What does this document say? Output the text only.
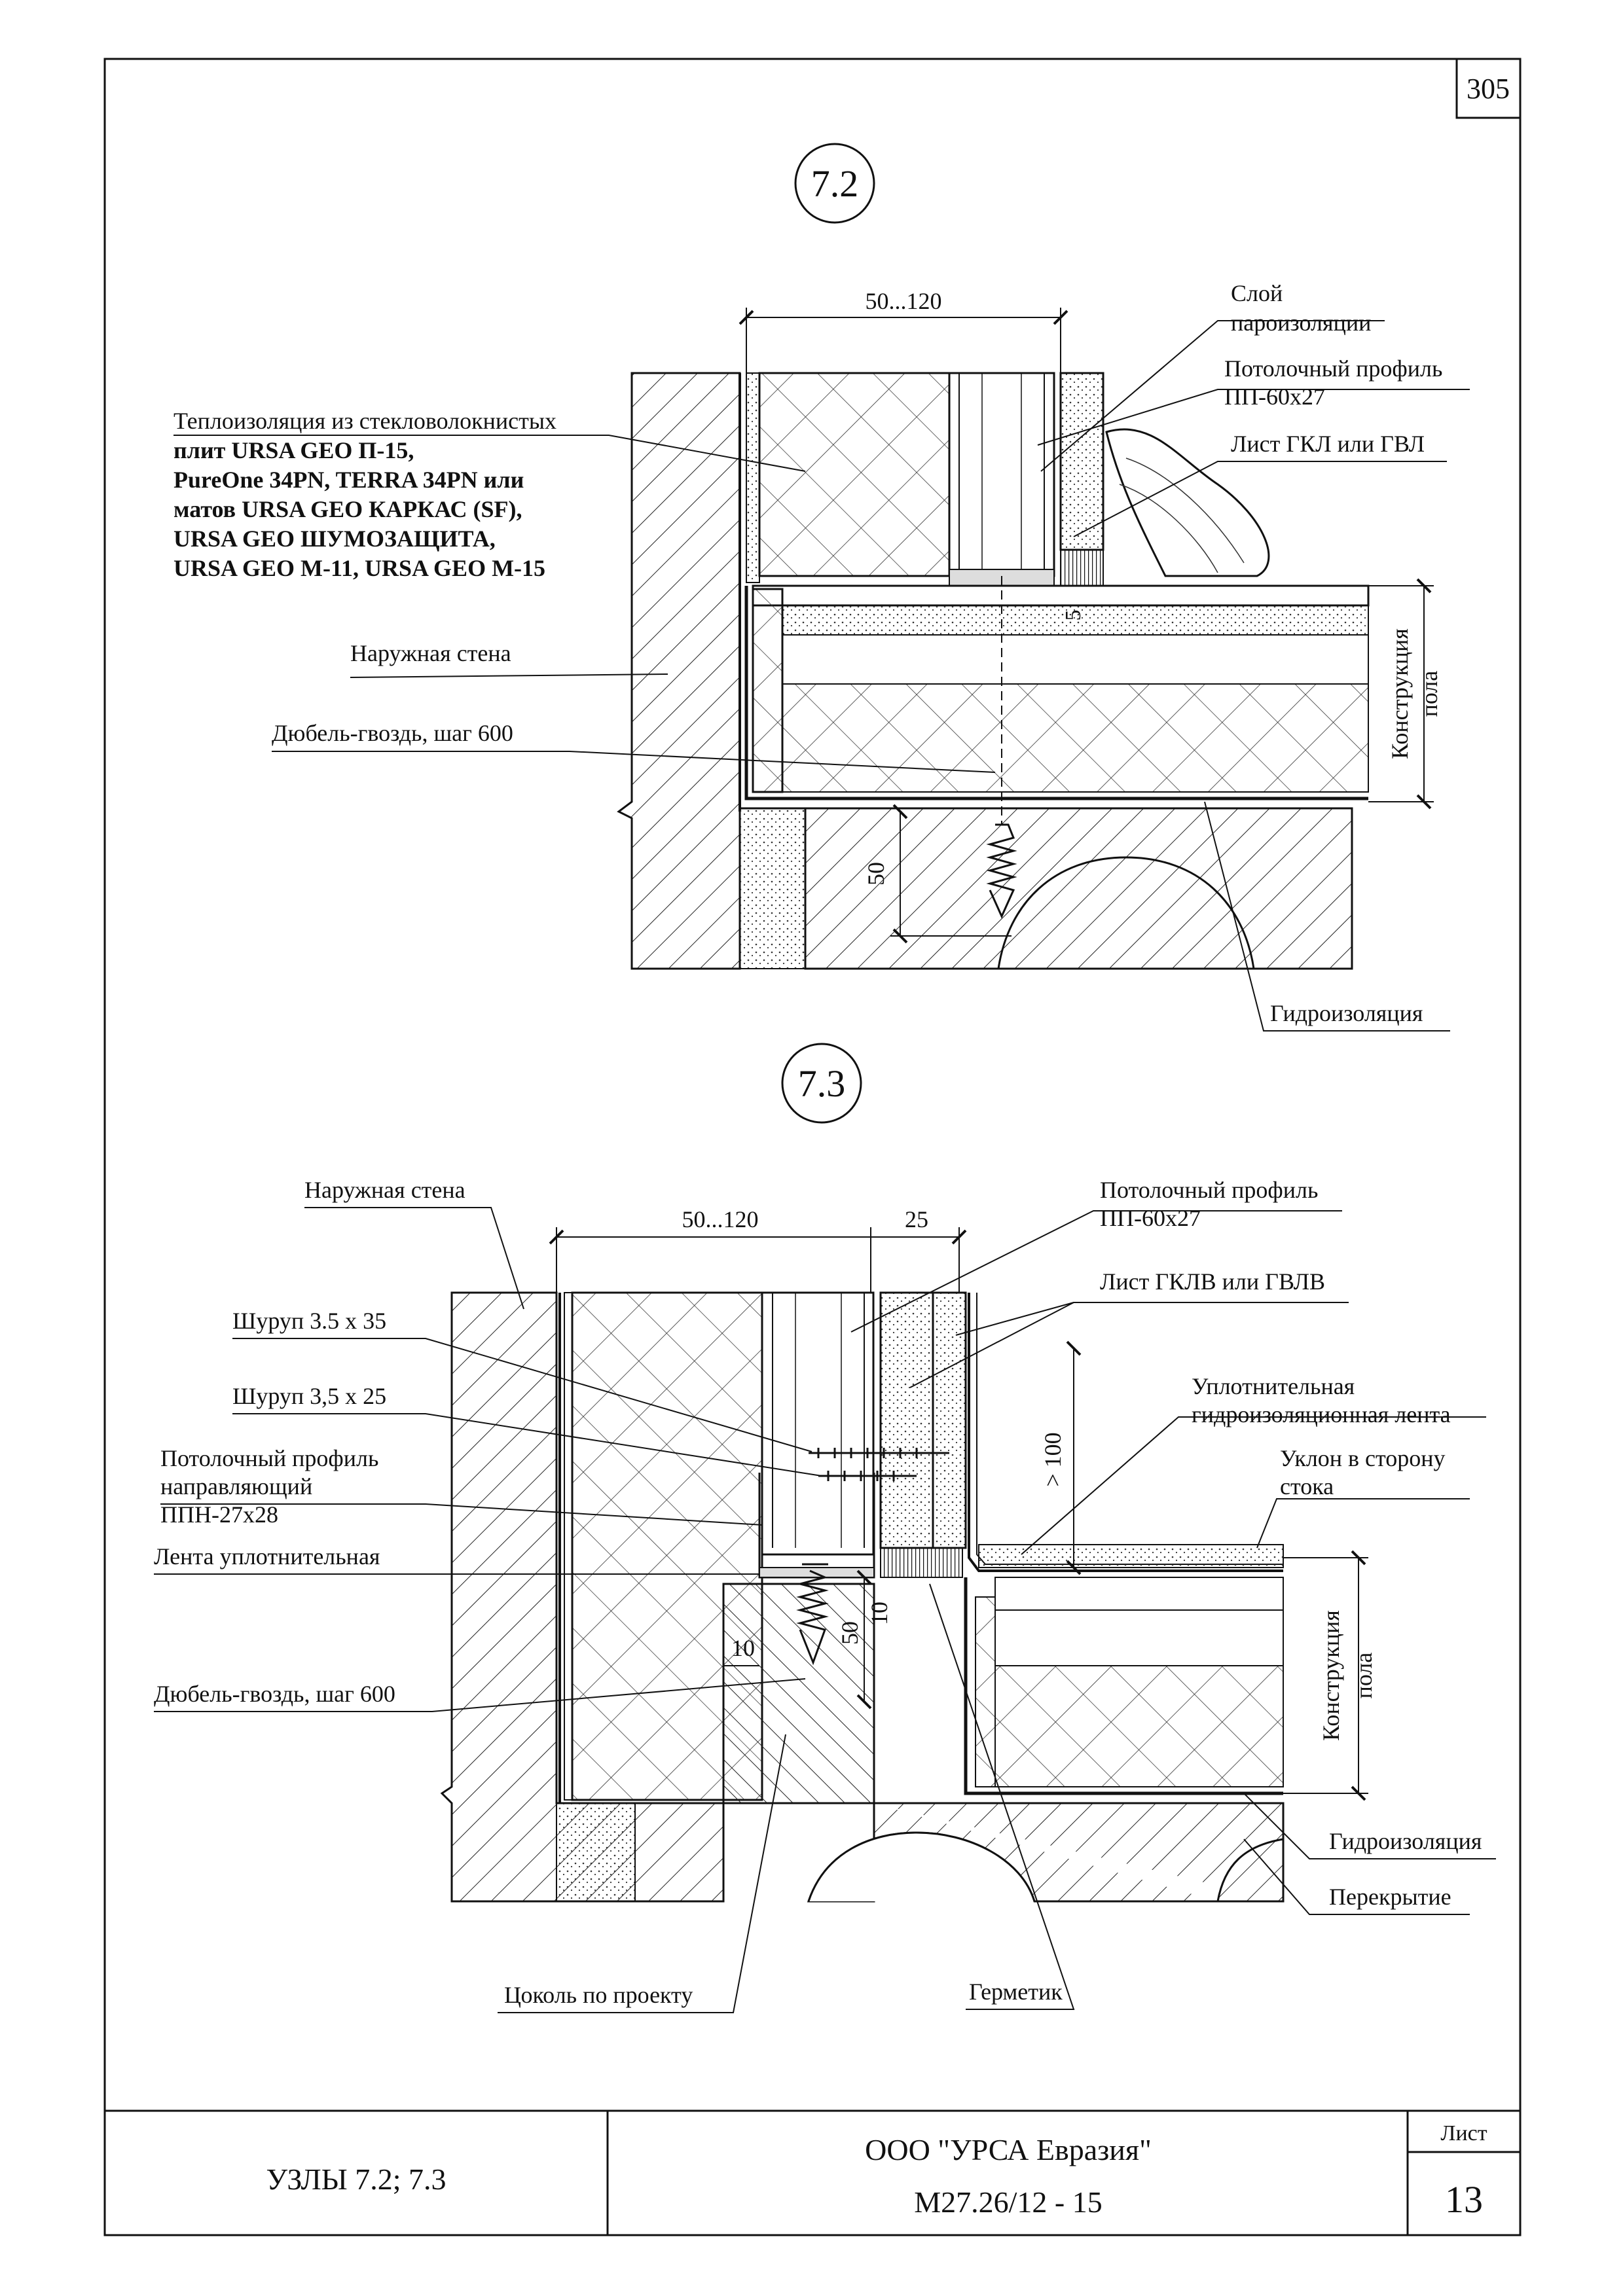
305
УЗЛЫ 7.2; 7.3
ООО "УРСА Евразия"
М27.26/12 - 15
Лист
13
7.2
50...120
5
50
Конструкция пола
Слой
пароизоляции
Потолочный профиль
ПП-60х27
Лист ГКЛ или ГВЛ
Теплоизоляция из стекловолокнистых
плит URSA GEO П-15,
PureOne 34PN, TERRA 34PN или
матов URSA GEO КАРКАС (SF),
URSA GEO ШУМОЗАЩИТА,
URSA GEO М-11, URSA GEO М-15
Наружная стена
Дюбель-гвоздь, шаг 600
Гидроизоляция
7.3
50...120	25
> 100
10
50
10	Конструкция пола
Наружная стена	Потолочный профиль
ПП-60х27
Лист ГКЛВ или ГВЛВ
Шуруп 3.5 х 35
Шуруп 3,5 х 25
Потолочный профиль
направляющий
ППН-27х28
Лента уплотнительная
Дюбель-гвоздь, шаг 600
Уплотнительная
гидроизоляционная лента
Уклон в сторону
стока
Гидроизоляция
Перекрытие
Цоколь по проекту	Герметик
